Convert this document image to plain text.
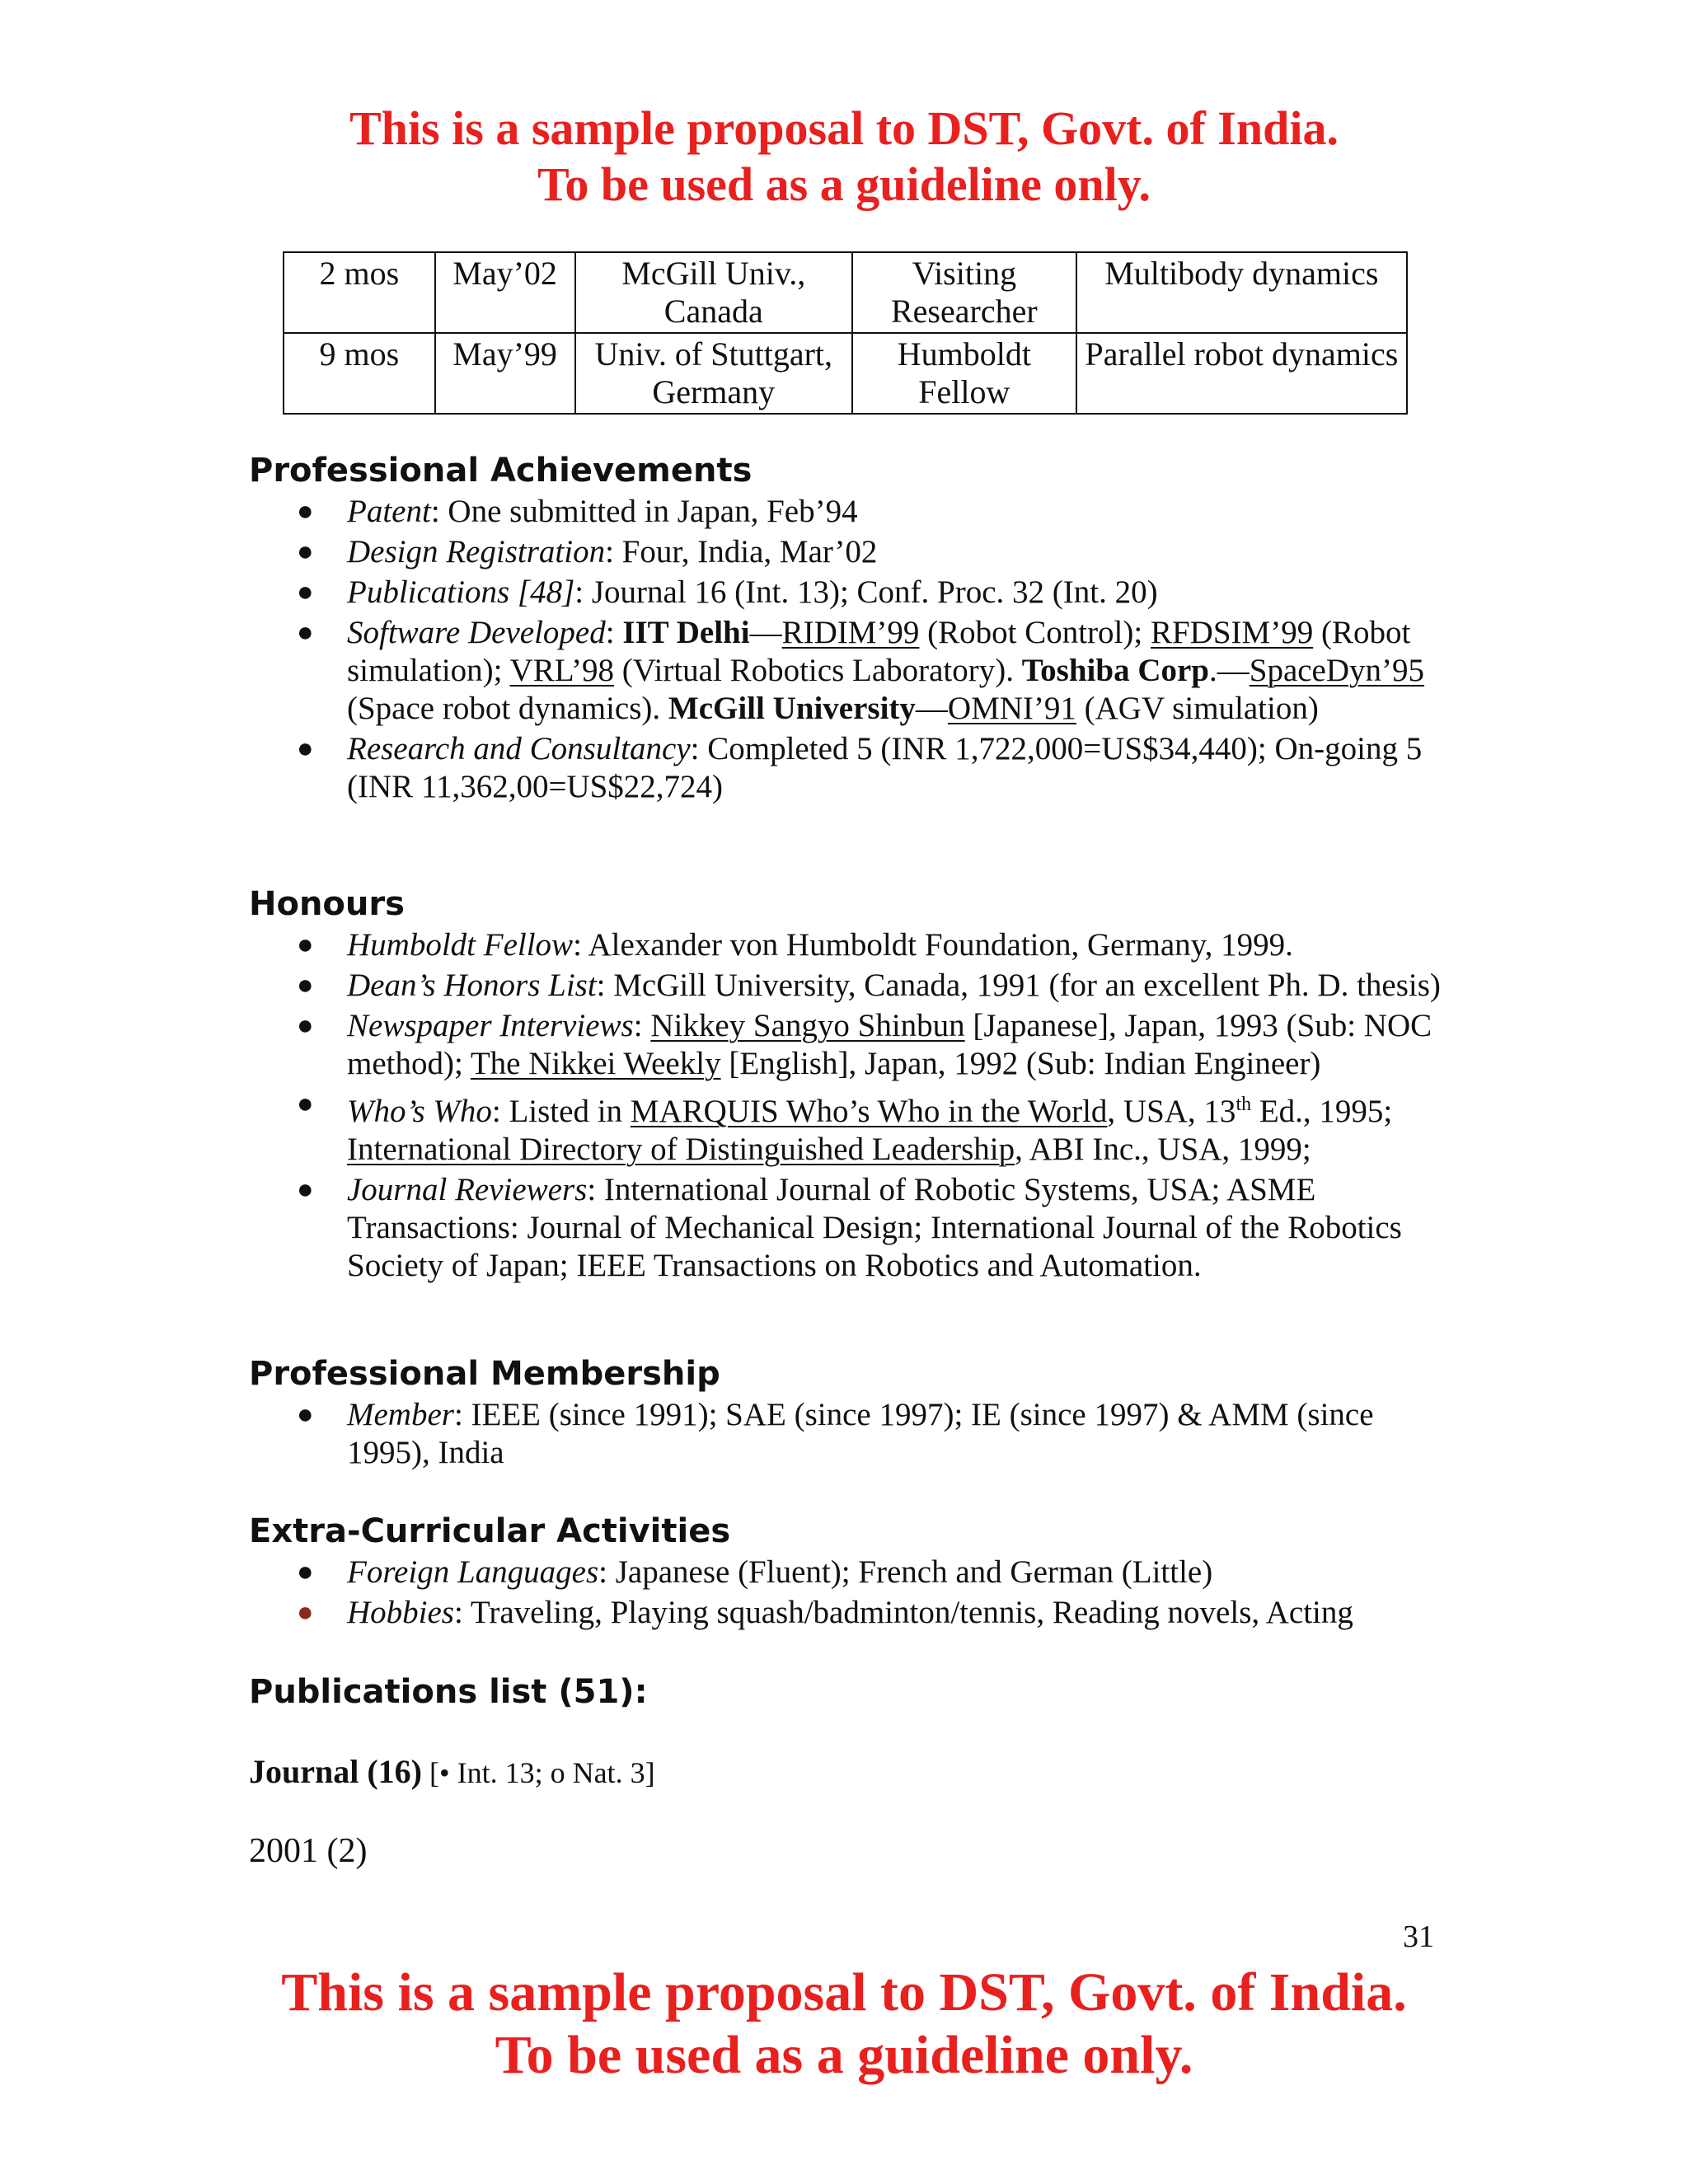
This is a sample proposal to DST, Govt. of India.
To be used as a guideline only.
2 mos	May’02	McGill Univ., Canada	Visiting Researcher	Multibody dynamics
9 mos	May’99	Univ. of Stuttgart, Germany	Humboldt Fellow	Parallel robot dynamics
Professional Achievements
● Patent: One submitted in Japan, Feb’94
● Design Registration: Four, India, Mar’02
● Publications [48]: Journal 16 (Int. 13); Conf. Proc. 32 (Int. 20)
● Software Developed: IIT Delhi—RIDIM’99 (Robot Control); RFDSIM’99 (Robot simulation); VRL’98 (Virtual Robotics Laboratory). Toshiba Corp.—SpaceDyn’95 (Space robot dynamics). McGill University—OMNI’91 (AGV simulation)
● Research and Consultancy: Completed 5 (INR 1,722,000=US$34,440); On-going 5 (INR 11,362,00=US$22,724)
Honours
● Humboldt Fellow: Alexander von Humboldt Foundation, Germany, 1999.
● Dean’s Honors List: McGill University, Canada, 1991 (for an excellent Ph. D. thesis)
● Newspaper Interviews: Nikkey Sangyo Shinbun [Japanese], Japan, 1993 (Sub: NOC method); The Nikkei Weekly [English], Japan, 1992 (Sub: Indian Engineer)
● Who’s Who: Listed in MARQUIS Who’s Who in the World, USA, 13th Ed., 1995; International Directory of Distinguished Leadership, ABI Inc., USA, 1999;
● Journal Reviewers: International Journal of Robotic Systems, USA; ASME Transactions: Journal of Mechanical Design; International Journal of the Robotics Society of Japan; IEEE Transactions on Robotics and Automation.
Professional Membership
● Member: IEEE (since 1991); SAE (since 1997); IE (since 1997) & AMM (since 1995), India
Extra-Curricular Activities
● Foreign Languages: Japanese (Fluent); French and German (Little)
● Hobbies: Traveling, Playing squash/badminton/tennis, Reading novels, Acting
Publications list (51):
Journal (16) [• Int. 13; o Nat. 3]
2001 (2)
31
This is a sample proposal to DST, Govt. of India.
To be used as a guideline only.
